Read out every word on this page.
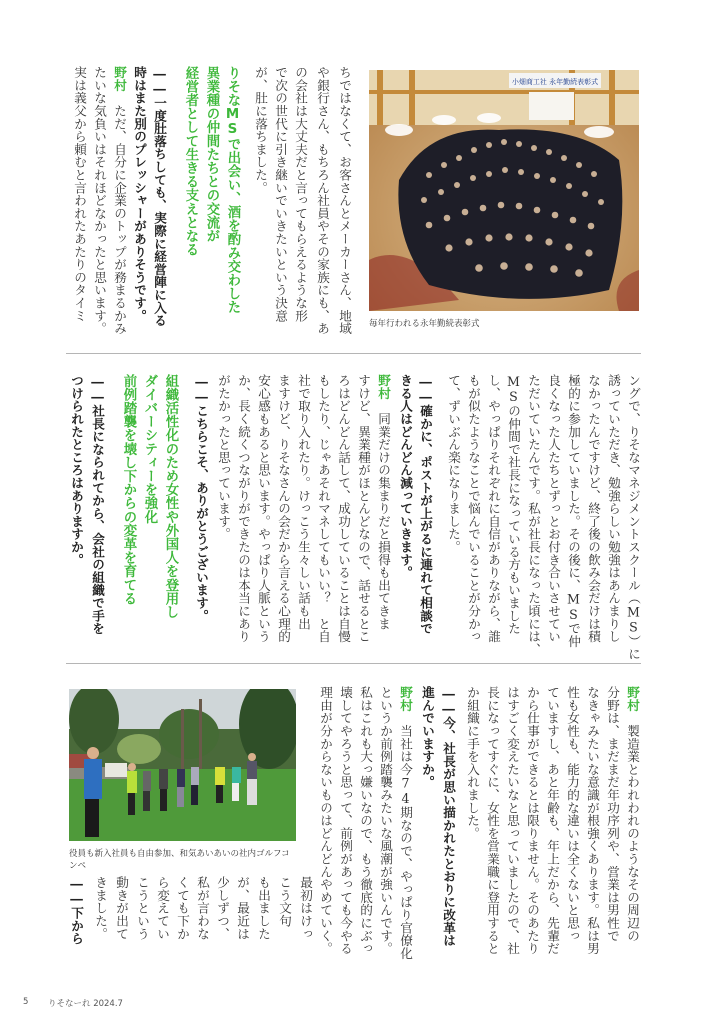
小畑商工社 永年勤続表彰式
毎年行われる永年勤続表彰式
ちではなくて、お客さんとメーカーさん、地域
や銀行さん、もちろん社員やその家族にも、あ
の会社は大丈夫だと言ってもらえるような形
で次の世代に引き継いでいきたいという決意
が、肚に落ちました。
りそなMSで出会い、酒を酌み交わした
異業種の仲間たちとの交流が
経営者として生きる支えとなる
――一度肚落ちしても、実際に経営陣に入る
時はまた別のプレッシャーがありそうです。
野村　ただ、自分に企業のトップが務まるかみ
たいな気負いはそれほどなかったと思います。
実は義父から頼むと言われたあたりのタイミ
ングで、りそなマネジメントスクール（MS）に
誘っていただき、勉強らしい勉強はあんまりし
なかったんですけど、終了後の飲み会だけは積
極的に参加していました。その後に、MSで仲
良くなった人たちとずっとお付き合いさせてい
ただいていたんです。私が社長になった頃には、
MSの仲間で社長になっている方もいました
し、やっぱりそれぞれに自信がありながら、誰
もが似たようなことで悩んでいることが分かっ
て、ずいぶん楽になりました。
――確かに、ポストが上がるに連れて相談で
きる人はどんどん減っていきます。
野村　同業だけの集まりだと損得も出てきま
すけど、異業種がほとんどなので、話せるとこ
ろはどんどん話して、成功していることは自慢
もしたり、じゃあそれマネしてもいい？　と自
社で取り入れたり。けっこう生々しい話も出
ますけど、りそなさんの会だから言える心理的
安心感もあると思います。やっぱり人脈という
か、長く続くつながりができたのは本当にあり
がたかったと思っています。
――こちらこそ、ありがとうございます。
組織活性化のため女性や外国人を登用し
ダイバーシティーを強化
前例踏襲を壊し下からの変革を育てる
――社長になられてから、会社の組織で手を
つけられたところはありますか。
役員も新入社員も自由参加、和気あいあいの社内ゴルフコ
ンペ
野村　製造業とわれわれのようなその周辺の
分野は、まだまだ年功序列や、営業は男性で
なきゃみたいな意識が根強くあります。私は男
性も女性も、能力的な違いは全くないと思っ
ていますし、あと年齢も、年上だから、先輩だ
から仕事ができるとは限りません。そのあたり
はすごく変えたいなと思っていましたので、社
長になってすぐに、女性を営業職に登用すると
か組織に手を入れました。
――今、社長が思い描かれたとおりに改革は
進んでいますか。
野村　当社は今74期なので、やっぱり官僚化
というか前例踏襲みたいな風潮が強いんです。
私はこれも大っ嫌いなので、もう徹底的にぶっ
壊してやろうと思って、前例があっても今やる
理由が分からないものはどんどんやめていく。
最初はけっ
こう文句
も出ました
が、最近は
少しずつ、
私が言わな
くても下か
ら変えてい
こうという
動きが出て
きました。
――下から
5 りそなーれ 2024.7
